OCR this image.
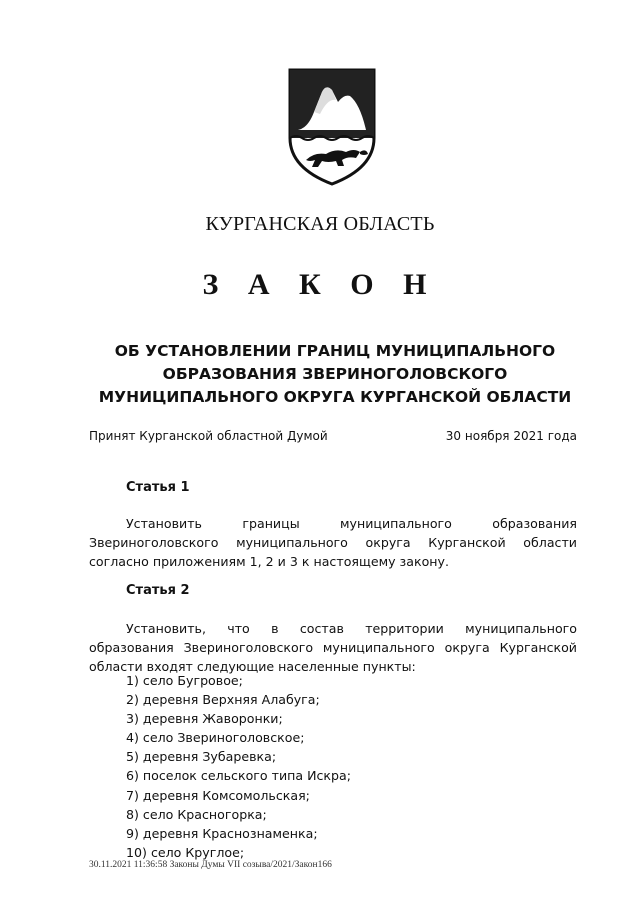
КУРГАНСКАЯ ОБЛАСТЬ
З А К О Н
ОБ УСТАНОВЛЕНИИ ГРАНИЦ МУНИЦИПАЛЬНОГО
ОБРАЗОВАНИЯ ЗВЕРИНОГОЛОВСКОГО
МУНИЦИПАЛЬНОГО ОКРУГА КУРГАНСКОЙ ОБЛАСТИ
Принят Курганской областной Думой	30 ноября 2021 года
Статья 1

Установить границы муниципального образования Звериноголовского муниципального округа Курганской области согласно приложениям 1, 2 и 3 к настоящему закону.

Статья 2

Установить, что в состав территории муниципального образования Звериноголовского муниципального округа Курганской области входят следующие населенные пункты:

1) село Бугровое;
2) деревня Верхняя Алабуга;
3) деревня Жаворонки;
4) село Звериноголовское;
5) деревня Зубаревка;
6) поселок сельского типа Искра;
7) деревня Комсомольская;
8) село Красногорка;
9) деревня Краснознаменка;
10) село Круглое;
30.11.2021 11:36:58 Законы Думы VII созыва/2021/Закон166
